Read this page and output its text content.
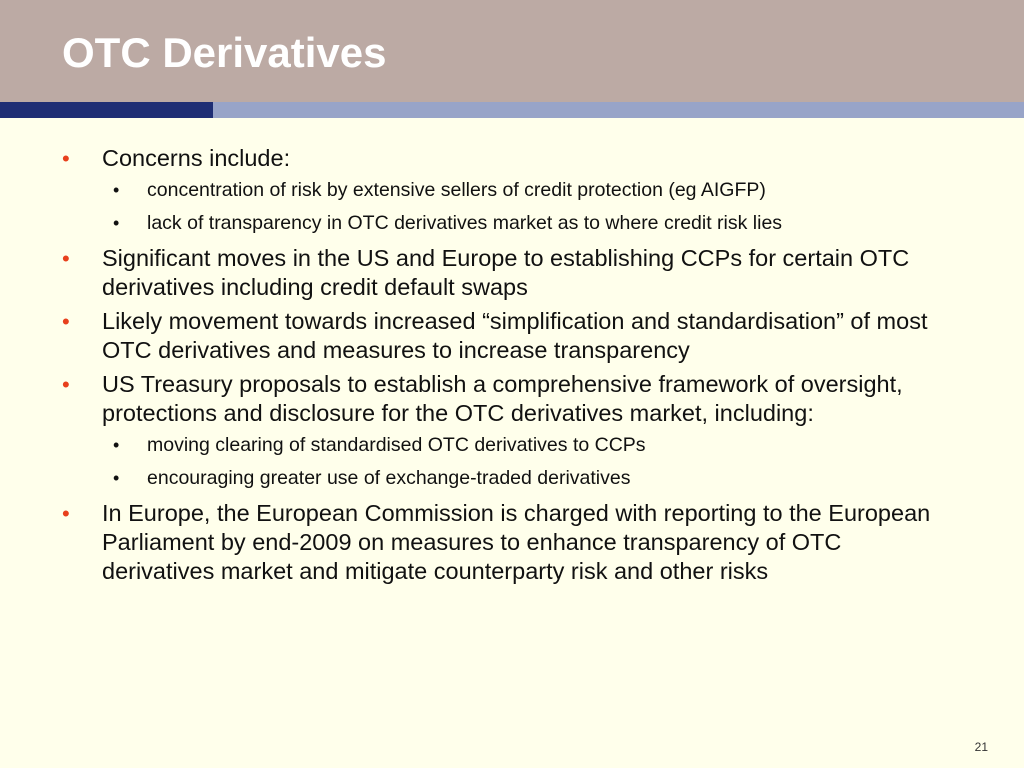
OTC Derivatives
• Concerns include:
• concentration of risk by extensive sellers of credit protection (eg AIGFP)
• lack of transparency in OTC derivatives market as to where credit risk lies
• Significant moves in the US and Europe to establishing CCPs for certain OTC derivatives including credit default swaps
• Likely movement towards increased “simplification and standardisation” of most OTC derivatives and measures to increase transparency
• US Treasury proposals to establish a comprehensive framework of oversight, protections and disclosure for the OTC derivatives market, including:
• moving clearing of standardised OTC derivatives to CCPs
• encouraging greater use of exchange-traded derivatives
• In Europe, the European Commission is charged with reporting to the European Parliament by end-2009 on measures to enhance transparency of OTC derivatives market and mitigate counterparty risk and other risks
21
